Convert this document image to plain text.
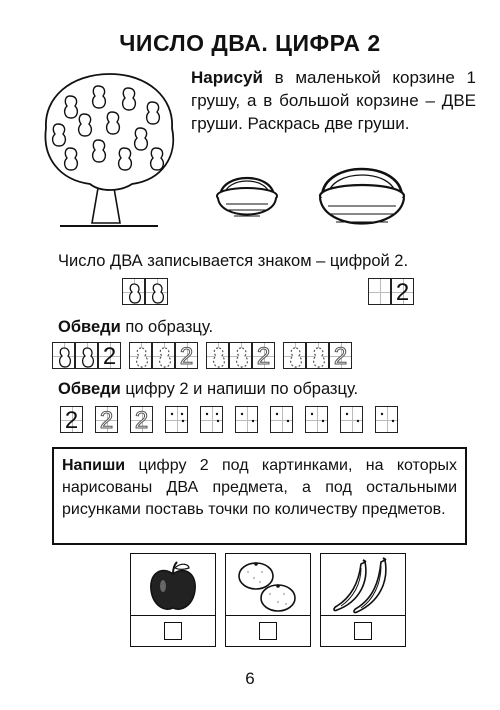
ЧИСЛО ДВА. ЦИФРА 2
Нарисуй в маленькой корзине 1 грушу, а в большой корзине – ДВЕ груши. Раскрась две груши.
Число ДВА записывается знаком – цифрой 2.
2
Обведи по образцу.
2	2	2	2
Обведи цифру 2 и напиши по образцу.
2 2 2
Напиши цифру 2 под картинками, на которых нарисованы ДВА предмета, а под остальными рисунками поставь точки по количеству предметов.
6
